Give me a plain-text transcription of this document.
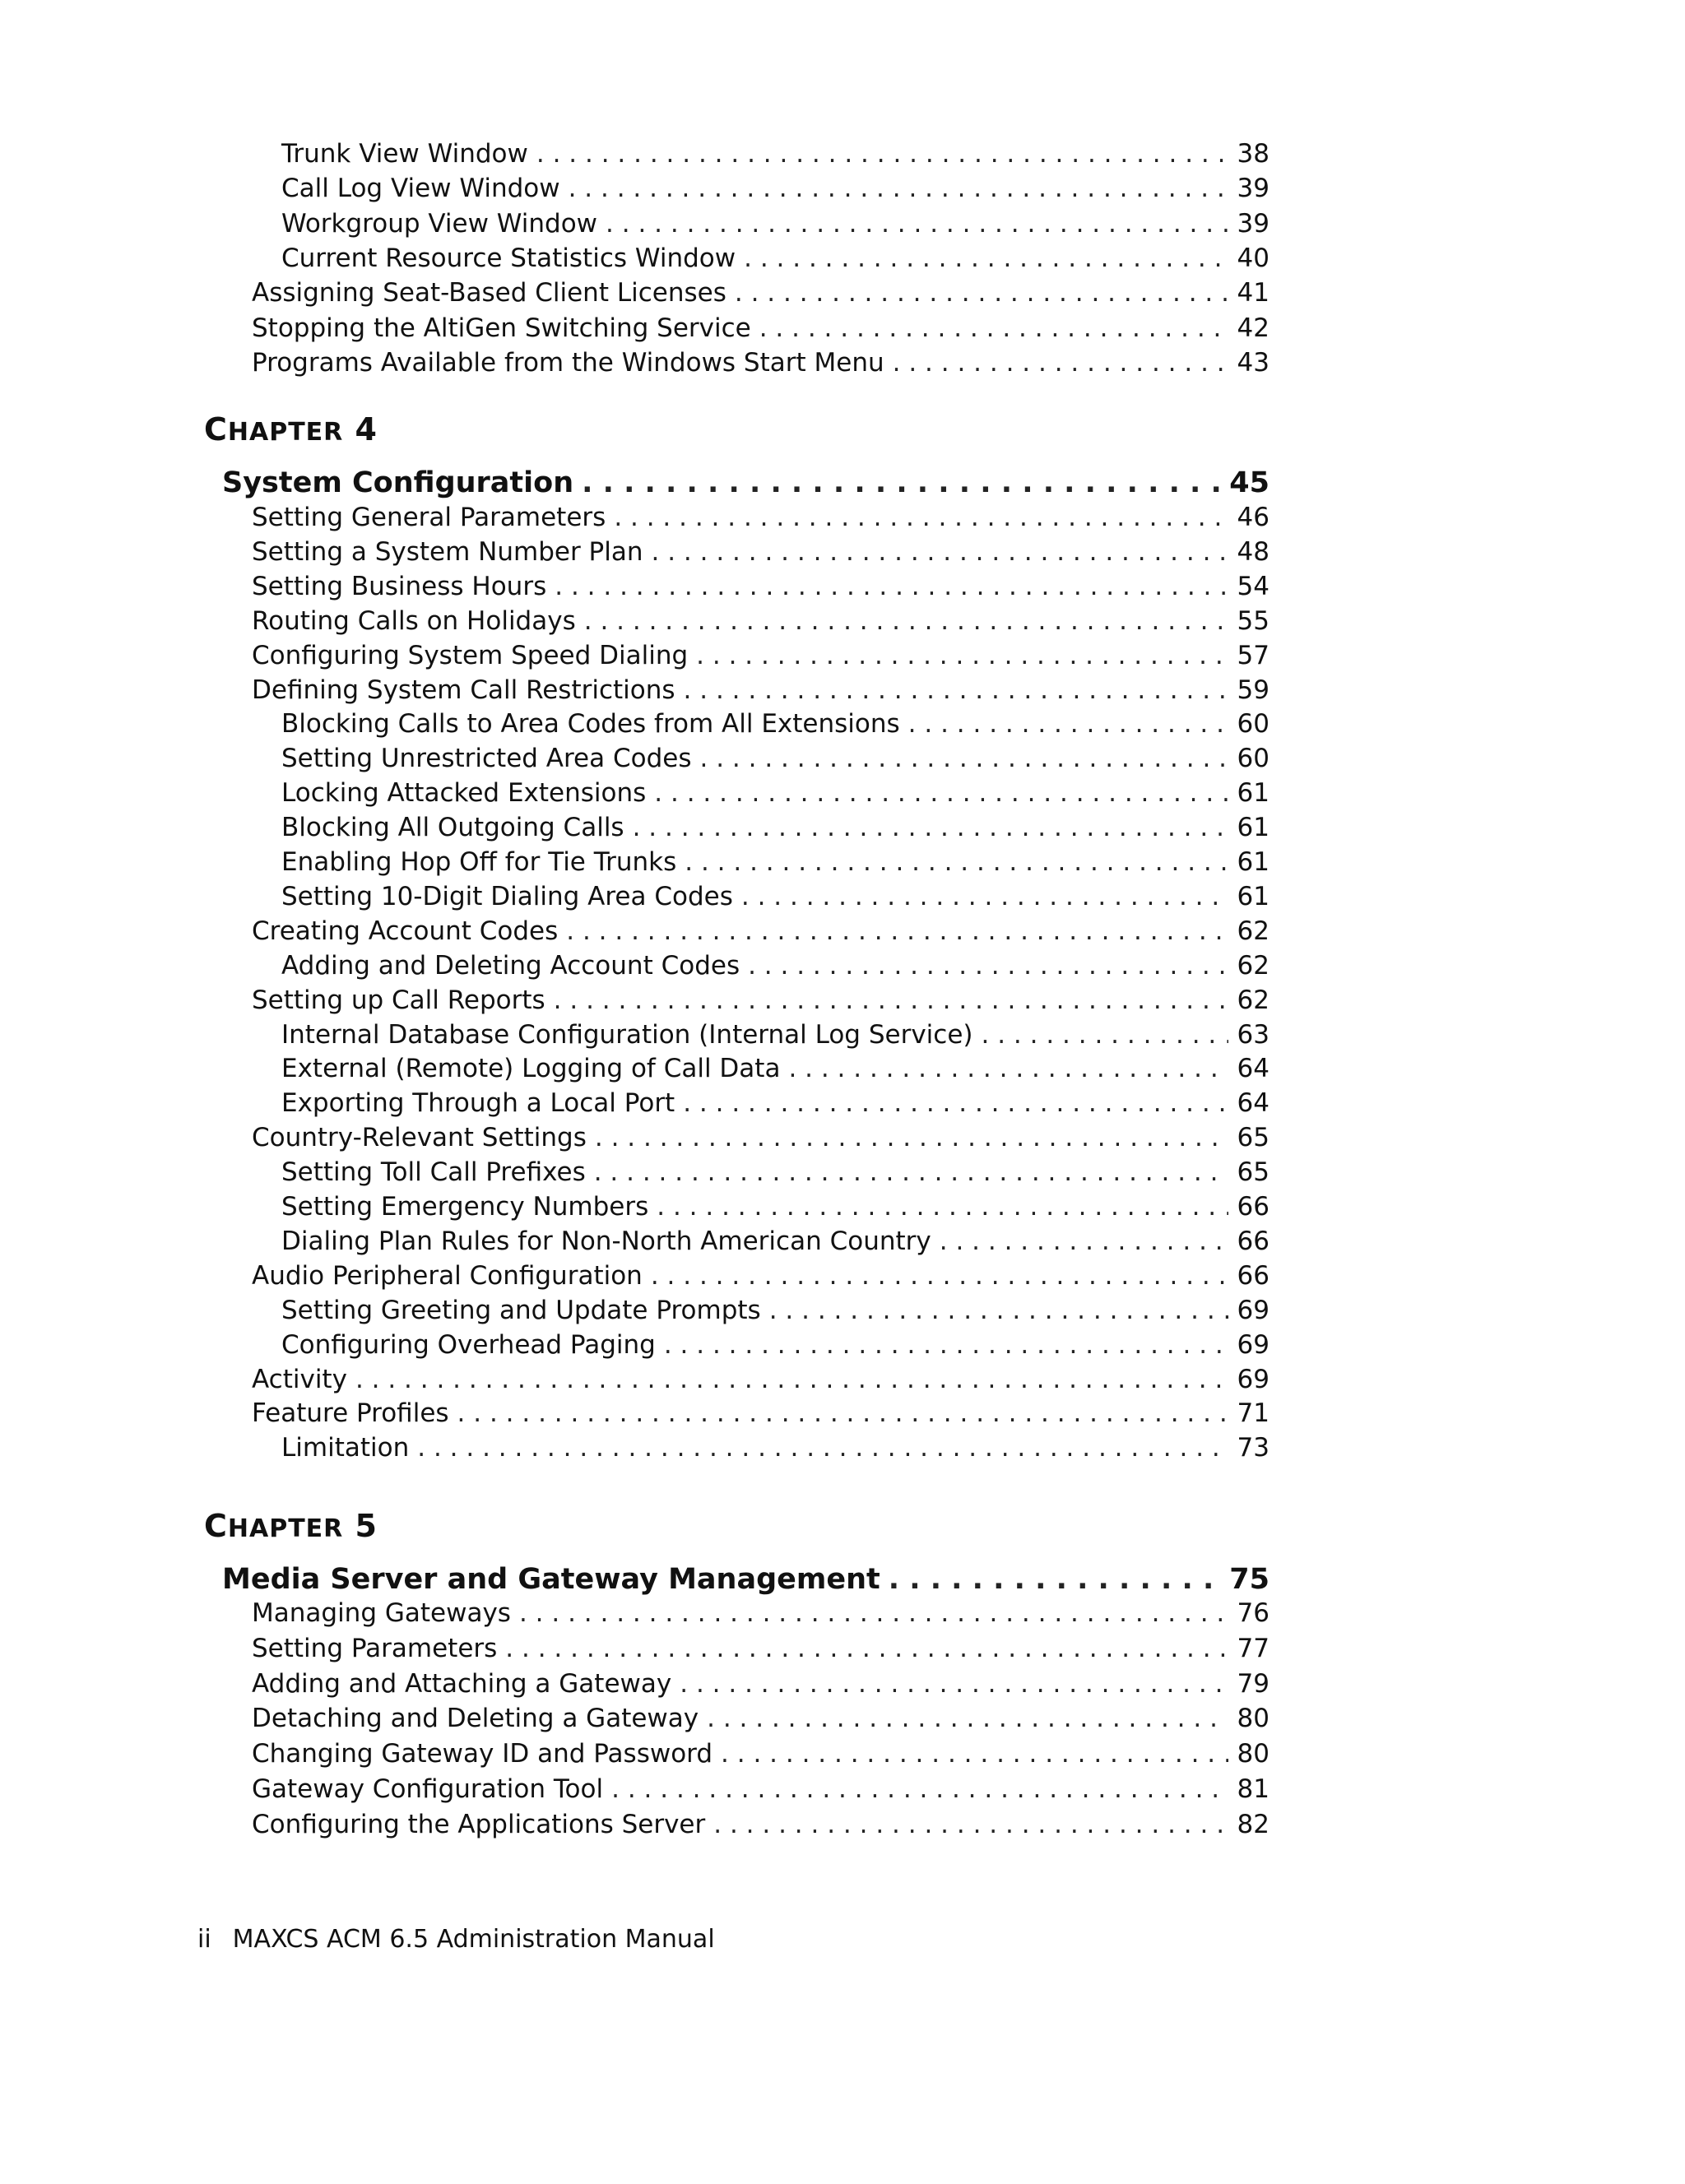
Trunk View Window . . .	38
Call Log View Window . . .	39
Workgroup View Window . . .	39
Current Resource Statistics Window . . .	40
Assigning Seat-Based Client Licenses . . .	41
Stopping the AltiGen Switching Service . . .	42
Programs Available from the Windows Start Menu . . .	43
CHAPTER 4
System Configuration . . .	45
Setting General Parameters . . .	46
Setting a System Number Plan . . .	48
Setting Business Hours . . .	54
Routing Calls on Holidays . . .	55
Configuring System Speed Dialing . . .	57
Defining System Call Restrictions . . .	59
Blocking Calls to Area Codes from All Extensions . . .	60
Setting Unrestricted Area Codes . . .	60
Locking Attacked Extensions . . .	61
Blocking All Outgoing Calls . . .	61
Enabling Hop Off for Tie Trunks . . .	61
Setting 10-Digit Dialing Area Codes . . .	61
Creating Account Codes . . .	62
Adding and Deleting Account Codes . . .	62
Setting up Call Reports . . .	62
Internal Database Configuration (Internal Log Service) . . .	63
External (Remote) Logging of Call Data . . .	64
Exporting Through a Local Port . . .	64
Country-Relevant Settings . . .	65
Setting Toll Call Prefixes . . .	65
Setting Emergency Numbers . . .	66
Dialing Plan Rules for Non-North American Country . . .	66
Audio Peripheral Configuration . . .	66
Setting Greeting and Update Prompts . . .	69
Configuring Overhead Paging . . .	69
Activity . . .	69
Feature Profiles . . .	71
Limitation . . .	73
CHAPTER 5
Media Server and Gateway Management . . .	75
Managing Gateways . . .	76
Setting Parameters . . .	77
Adding and Attaching a Gateway . . .	79
Detaching and Deleting a Gateway . . .	80
Changing Gateway ID and Password . . .	80
Gateway Configuration Tool . . .	81
Configuring the Applications Server . . .	82
ii MAXCS ACM 6.5 Administration Manual
